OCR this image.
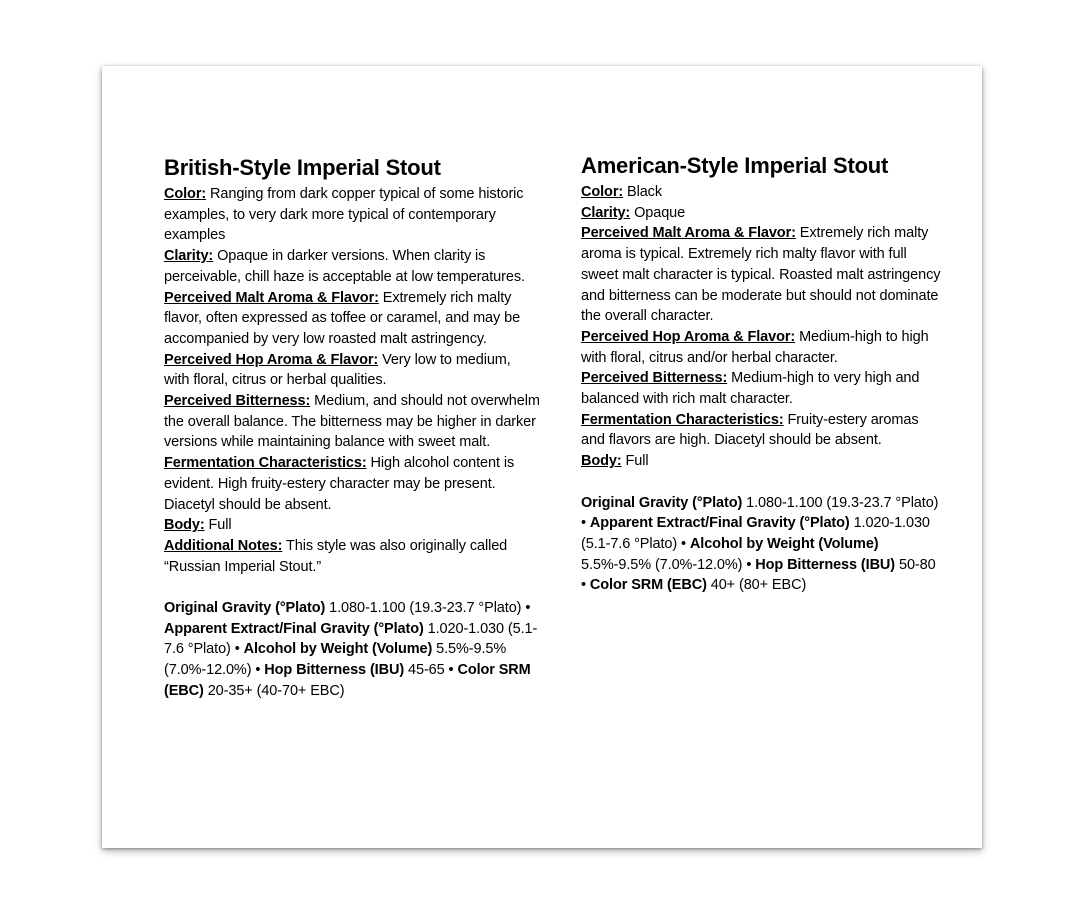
British-Style Imperial Stout

Color: Ranging from dark copper typical of some historic examples, to very dark more typical of contemporary examples

Clarity: Opaque in darker versions. When clarity is perceivable, chill haze is acceptable at low temperatures.

Perceived Malt Aroma & Flavor: Extremely rich malty flavor, often expressed as toffee or caramel, and may be accompanied by very low roasted malt astringency.

Perceived Hop Aroma & Flavor: Very low to medium, with floral, citrus or herbal qualities.

Perceived Bitterness: Medium, and should not overwhelm the overall balance. The bitterness may be higher in darker versions while maintaining balance with sweet malt.

Fermentation Characteristics: High alcohol content is evident. High fruity-estery character may be present. Diacetyl should be absent.

Body: Full

Additional Notes: This style was also originally called “Russian Imperial Stout.”

Original Gravity (°Plato) 1.080-1.100 (19.3-23.7 °Plato) • Apparent Extract/Final Gravity (°Plato) 1.020-1.030 (5.1-7.6 °Plato) • Alcohol by Weight (Volume) 5.5%-9.5% (7.0%-12.0%) • Hop Bitterness (IBU) 45-65 • Color SRM (EBC) 20-35+ (40-70+ EBC)

American-Style Imperial Stout

Color: Black

Clarity: Opaque

Perceived Malt Aroma & Flavor: Extremely rich malty aroma is typical. Extremely rich malty flavor with full sweet malt character is typical. Roasted malt astringency and bitterness can be moderate but should not dominate the overall character.

Perceived Hop Aroma & Flavor: Medium-high to high with floral, citrus and/or herbal character.

Perceived Bitterness: Medium-high to very high and balanced with rich malt character.

Fermentation Characteristics: Fruity-estery aromas and flavors are high. Diacetyl should be absent.

Body: Full

Original Gravity (°Plato) 1.080-1.100 (19.3-23.7 °Plato) • Apparent Extract/Final Gravity (°Plato) 1.020-1.030 (5.1-7.6 °Plato) • Alcohol by Weight (Volume) 5.5%-9.5% (7.0%-12.0%) • Hop Bitterness (IBU) 50-80 • Color SRM (EBC) 40+ (80+ EBC)
